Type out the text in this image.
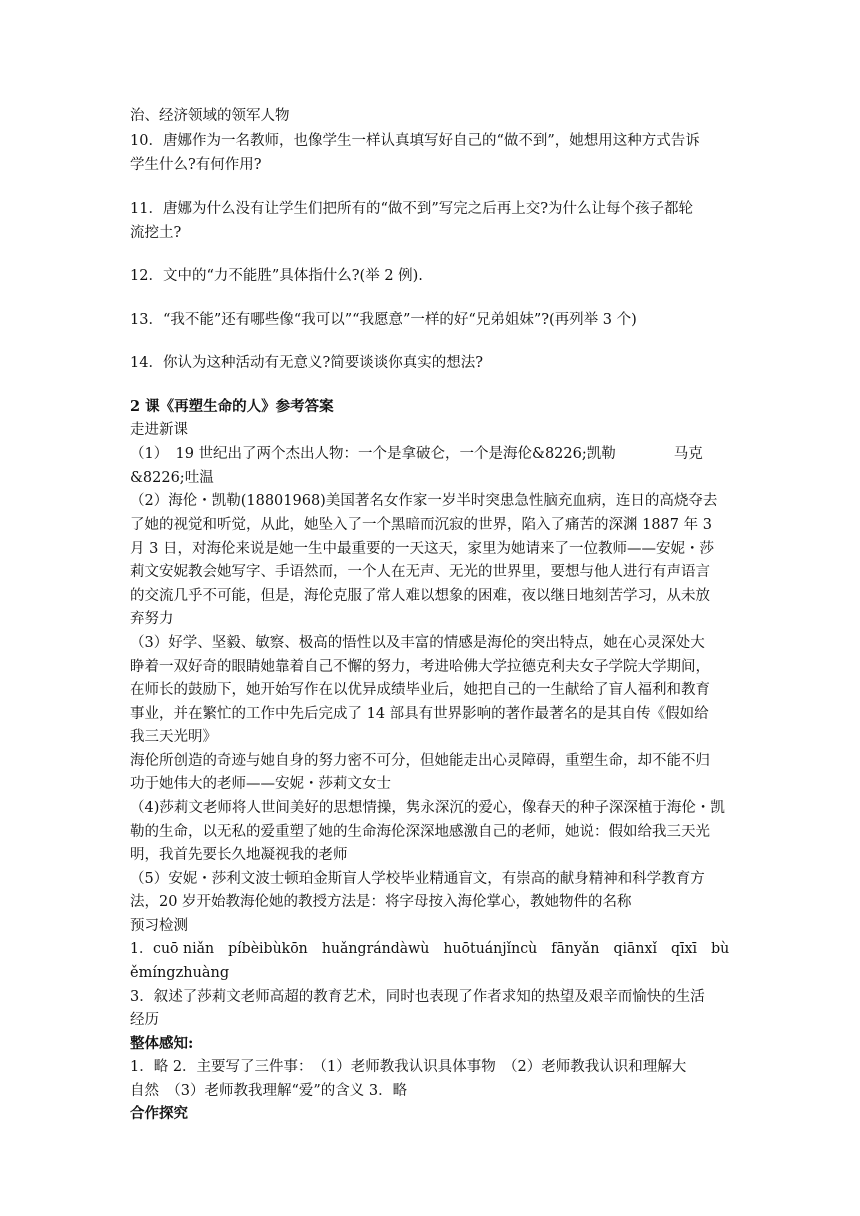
治、经济领域的领军人物
10．唐娜作为一名教师，也像学生一样认真填写好自己的“做不到”，她想用这种方式告诉
学生什么?有何作用?
11．唐娜为什么没有让学生们把所有的“做不到”写完之后再上交?为什么让每个孩子都轮
流挖土?
12．文中的“力不能胜”具体指什么?(举 2 例).
13．“我不能”还有哪些像“我可以”“我愿意”一样的好“兄弟姐妹”?(再列举 3 个)
14．你认为这种活动有无意义?简要谈谈你真实的想法?
2 课《再塑生命的人》参考答案
走进新课
（1）　19 世纪出了两个杰出人物：一个是拿破仑，一个是海伦&8226;凯勒　　　　马克
&8226;吐温
（2）海伦・凯勒(18801968)美国著名女作家一岁半时突患急性脑充血病，连日的高烧夺去
了她的视觉和听觉，从此，她坠入了一个黑暗而沉寂的世界，陷入了痛苦的深渊 1887 年 3
月 3 日，对海伦来说是她一生中最重要的一天这天，家里为她请来了一位教师——安妮・莎
莉文安妮教会她写字、手语然而，一个人在无声、无光的世界里，要想与他人进行有声语言
的交流几乎不可能，但是，海伦克服了常人难以想象的困难，夜以继日地刻苦学习，从未放
弃努力
（3）好学、坚毅、敏察、极高的悟性以及丰富的情感是海伦的突出特点，她在心灵深处大
睁着一双好奇的眼睛她靠着自己不懈的努力，考进哈佛大学拉德克利夫女子学院大学期间，
在师长的鼓励下，她开始写作在以优异成绩毕业后，她把自己的一生献给了盲人福利和教育
事业，并在繁忙的工作中先后完成了 14 部具有世界影响的著作最著名的是其自传《假如给
我三天光明》
海伦所创造的奇迹与她自身的努力密不可分，但她能走出心灵障碍，重塑生命，却不能不归
功于她伟大的老师——安妮・莎莉文女士
（4)莎莉文老师将人世间美好的思想情操，隽永深沉的爱心，像春天的种子深深植于海伦・凯
勒的生命，以无私的爱重塑了她的生命海伦深深地感激自己的老师，她说：假如给我三天光
明，我首先要长久地凝视我的老师
（5）安妮・莎利文波士顿珀金斯盲人学校毕业精通盲文，有崇高的献身精神和科学教育方
法，20 岁开始教海伦她的教授方法是：将字母按入海伦掌心，教她物件的名称
预习检测
1．cuō niǎn　píbèibùkōn　huǎngrándàwù　huōtuánjǐncù　fānyǎn　qiānxǐ　qīxī　bù
ěmíngzhuàng
3．叙述了莎莉文老师高超的教育艺术，同时也表现了作者求知的热望及艰辛而愉快的生活
经历
整体感知:
1．略 2．主要写了三件事：　（1）老师教我认识具体事物　（2）老师教我认识和理解大
自然　（3）老师教我理解“爱”的含义 3．略
合作探究
